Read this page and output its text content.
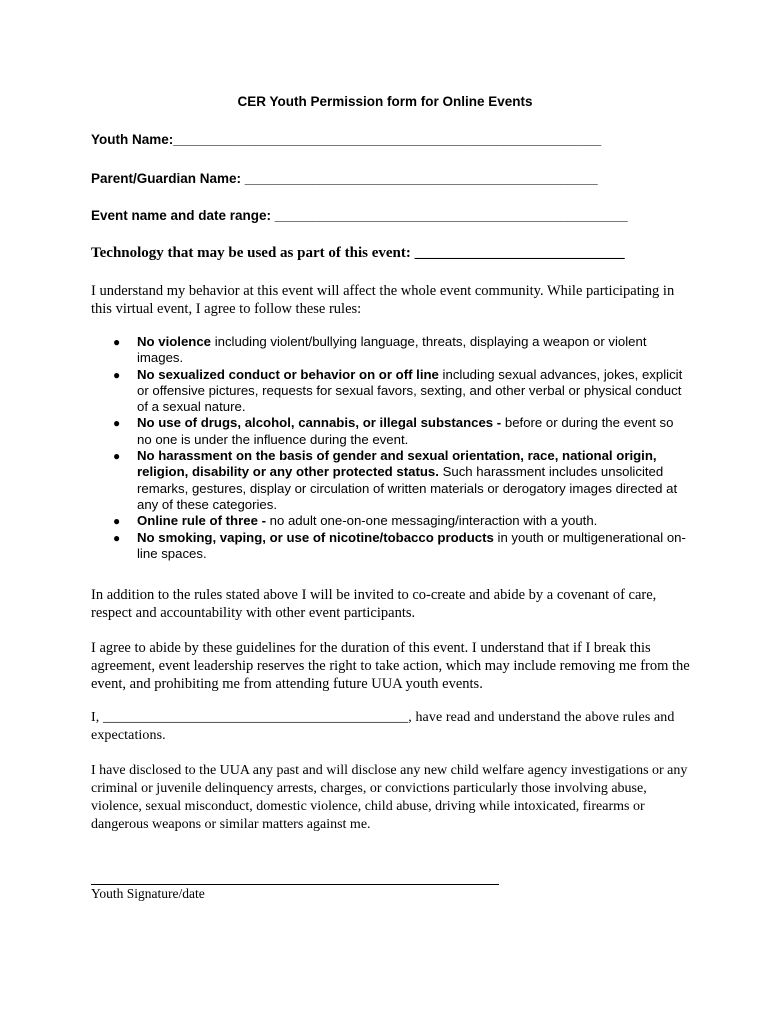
CER Youth Permission form for Online Events
Youth Name:_________________________________________________________
Parent/Guardian Name: _______________________________________________
Event name and date range: _______________________________________________
Technology that may be used as part of this event: ____________________________
I understand my behavior at this event will affect the whole event community. While participating in this virtual event, I agree to follow these rules:
● No violence including violent/bullying language, threats, displaying a weapon or violent images.
● No sexualized conduct or behavior on or off line including sexual advances, jokes, explicit or offensive pictures, requests for sexual favors, sexting, and other verbal or physical conduct of a sexual nature.
● No use of drugs, alcohol, cannabis, or illegal substances - before or during the event so no one is under the influence during the event.
● No harassment on the basis of gender and sexual orientation, race, national origin, religion, disability or any other protected status. Such harassment includes unsolicited remarks, gestures, display or circulation of written materials or derogatory images directed at any of these categories.
● Online rule of three - no adult one-on-one messaging/interaction with a youth.
● No smoking, vaping, or use of nicotine/tobacco products in youth or multigenerational on-line spaces.
In addition to the rules stated above I will be invited to co-create and abide by a covenant of care, respect and accountability with other event participants.
I agree to abide by these guidelines for the duration of this event. I understand that if I break this agreement, event leadership reserves the right to take action, which may include removing me from the event, and prohibiting me from attending future UUA youth events.
I, ___________________________________________, have read and understand the above rules and expectations.
I have disclosed to the UUA any past and will disclose any new child welfare agency investigations or any criminal or juvenile delinquency arrests, charges, or convictions particularly those involving abuse, violence, sexual misconduct, domestic violence, child abuse, driving while intoxicated, firearms or dangerous weapons or similar matters against me.
Youth Signature/date
